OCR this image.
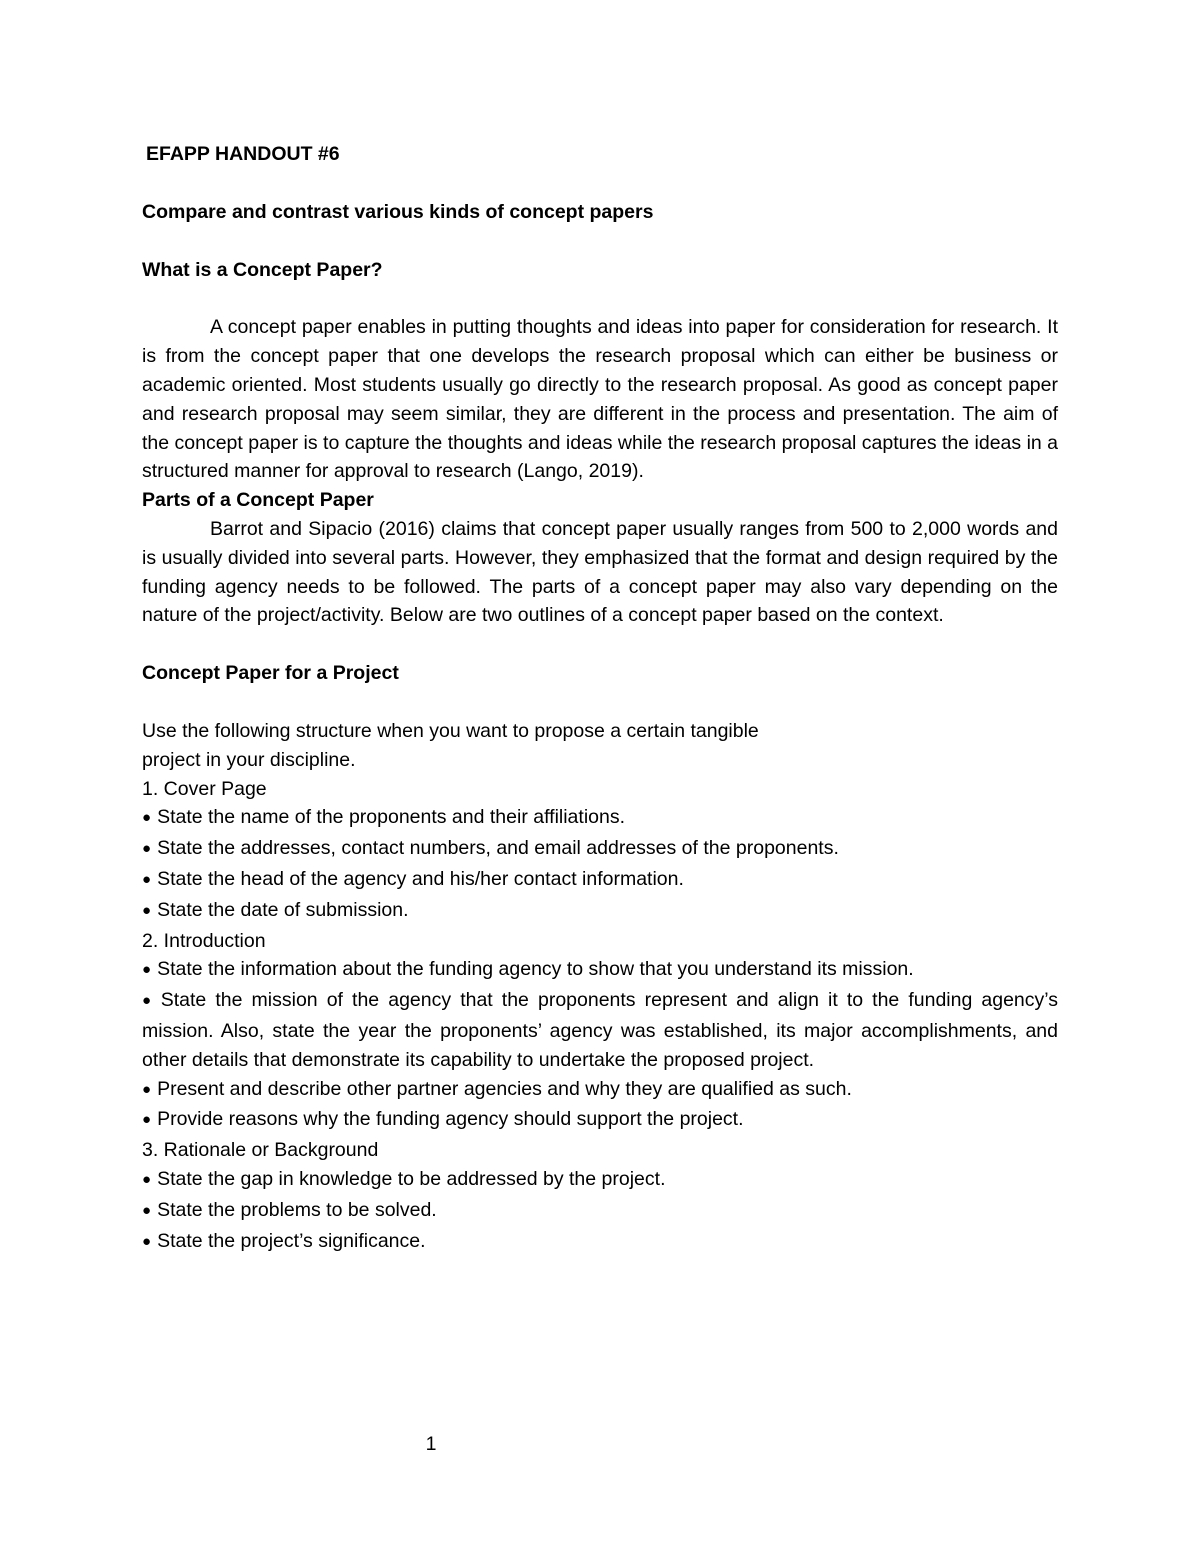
EFAPP HANDOUT #6
Compare and contrast various kinds of concept papers
What is a Concept Paper?

A concept paper enables in putting thoughts and ideas into paper for consideration for research. It is from the concept paper that one develops the research proposal which can either be business or academic oriented. Most students usually go directly to the research proposal. As good as concept paper and research proposal may seem similar, they are different in the process and presentation. The aim of the concept paper is to capture the thoughts and ideas while the research proposal captures the ideas in a structured manner for approval to research (Lango, 2019).

Parts of a Concept Paper

Barrot and Sipacio (2016) claims that concept paper usually ranges from 500 to 2,000 words and is usually divided into several parts. However, they emphasized that the format and design required by the funding agency needs to be followed. The parts of a concept paper may also vary depending on the nature of the project/activity. Below are two outlines of a concept paper based on the context.

Concept Paper for a Project
Use the following structure when you want to propose a certain tangible
project in your discipline.
1. Cover Page
● State the name of the proponents and their affiliations.
● State the addresses, contact numbers, and email addresses of the proponents.
● State the head of the agency and his/her contact information.
● State the date of submission.
2. Introduction
● State the information about the funding agency to show that you understand its mission.
● State the mission of the agency that the proponents represent and align it to the funding agency’s mission. Also, state the year the proponents’ agency was established, its major accomplishments, and other details that demonstrate its capability to undertake the proposed project.
● Present and describe other partner agencies and why they are qualified as such.
● Provide reasons why the funding agency should support the project.
3. Rationale or Background
● State the gap in knowledge to be addressed by the project.
● State the problems to be solved.
● State the project’s significance.
1
